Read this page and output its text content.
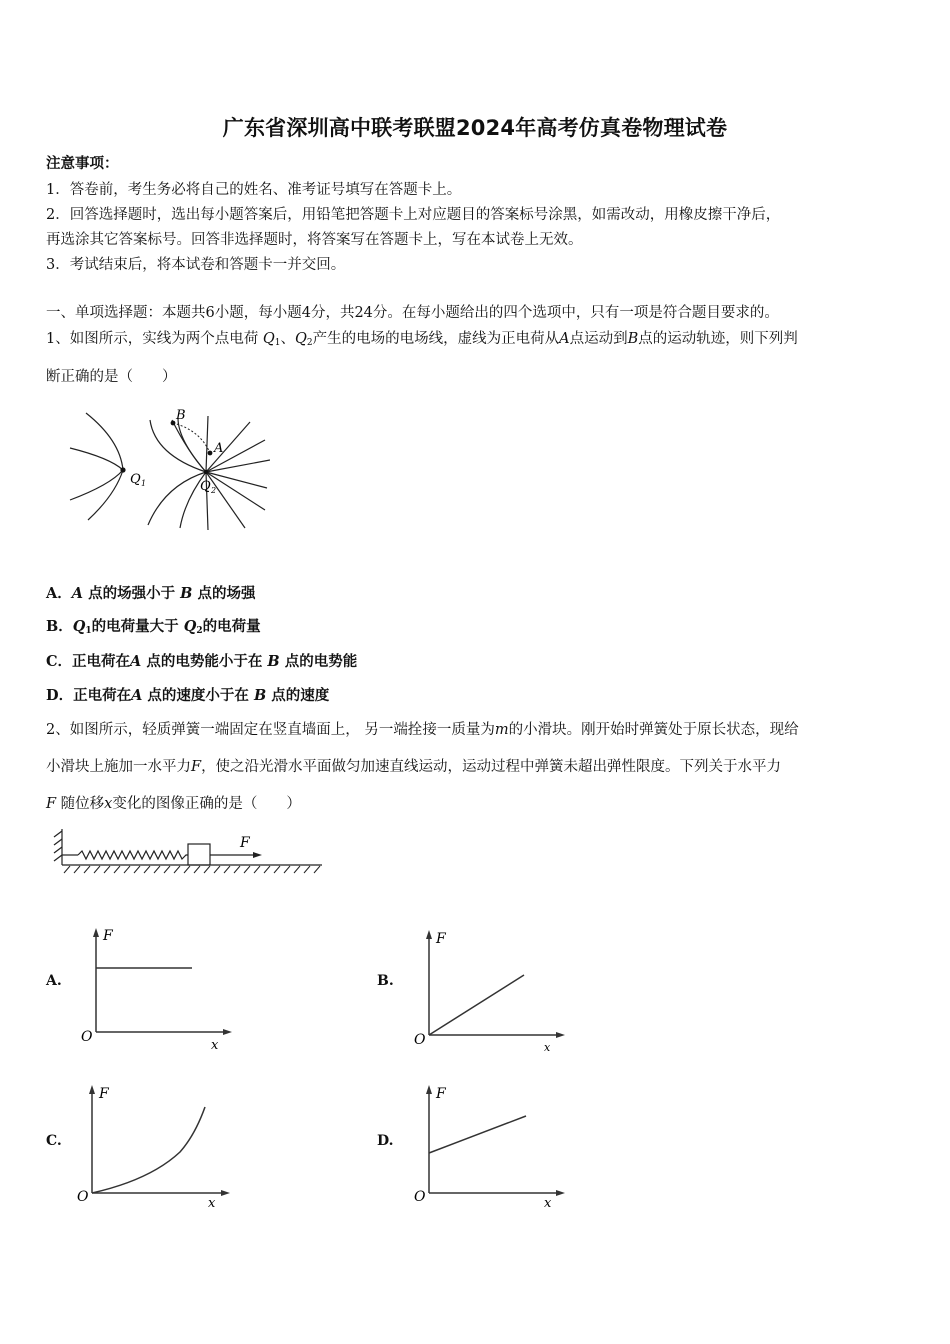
广东省深圳高中联考联盟2024年高考仿真卷物理试卷
注意事项：
1．答卷前，考生务必将自己的姓名、准考证号填写在答题卡上。
2．回答选择题时，选出每小题答案后，用铅笔把答题卡上对应题目的答案标号涂黑，如需改动，用橡皮擦干净后，
再选涂其它答案标号。回答非选择题时，将答案写在答题卡上，写在本试卷上无效。
3．考试结束后，将本试卷和答题卡一并交回。
一、单项选择题：本题共6小题，每小题4分，共24分。在每小题给出的四个选项中，只有一项是符合题目要求的。
1、如图所示，实线为两个点电荷 $Q_1$、$Q_2$产生的电场的电场线，虚线为正电荷从A点运动到B点的运动轨迹，则下列判
断正确的是（　　）
B
A
Q 1	Q 2
A．A 点的场强小于 B 点的场强
B．$Q_1$的电荷量大于 $Q_2$的电荷量
C．正电荷在A 点的电势能小于在 B 点的电势能
D．正电荷在A 点的速度小于在 B 点的速度
2、如图所示，轻质弹簧一端固定在竖直墙面上， 另一端拴接一质量为m的小滑块。刚开始时弹簧处于原长状态，现给
小滑块上施加一水平力F，使之沿光滑水平面做匀加速直线运动，运动过程中弹簧未超出弹性限度。下列关于水平力
F 随位移x变化的图像正确的是（　　）
F
A.
F
x
O
B.
F
x
O
C.
F
x
O
D.
F
x
O
